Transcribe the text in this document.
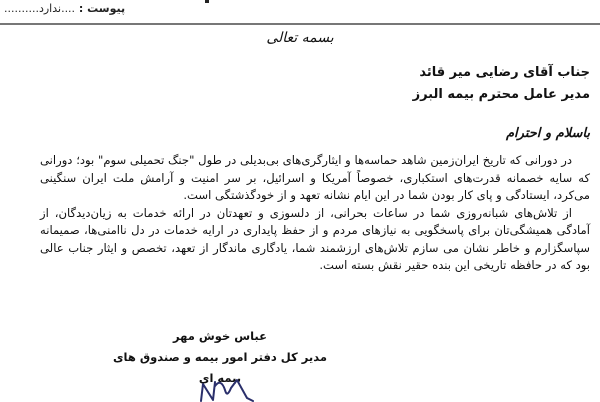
پیوست : ....ندارد..........
بسمه تعالی
جناب آقای رضایی میر قائد
مدیر عامل محترم بیمه البرز
باسلام و احترام

در دورانی که تاریخ ایران‌زمین شاهد حماسه‌ها و ایثارگری‌های بی‌بدیلی در طول "جنگ تحمیلی سوم" بود؛ دورانی که سایه خصمانه قدرت‌های استکباری، خصوصاً آمریکا و اسرائیل، بر سر امنیت و آرامش ملت ایران سنگینی می‌کرد، ایستادگی و پای کار بودن شما در این ایام نشانه تعهد و از خودگذشتگی است.

از تلاش‌های شبانه‌روزی شما در ساعات بحرانی، از دلسوزی و تعهدتان در ارائه خدمات به زیان‌دیدگان، از آمادگی همیشگی‌تان برای پاسخگویی به نیازهای مردم و از حفظ پایداری در ارایه خدمات در دل ناامنی‌ها، صمیمانه سپاسگزارم و خاطر نشان می سازم تلاش‌های ارزشمند شما، یادگاری ماندگار از تعهد، تخصص و ایثار جناب عالی بود که در حافظه تاریخی این بنده حقیر نقش بسته است.

عباس خوش مهر
مدیر کل دفتر امور بیمه و صندوق های بیمه ای
